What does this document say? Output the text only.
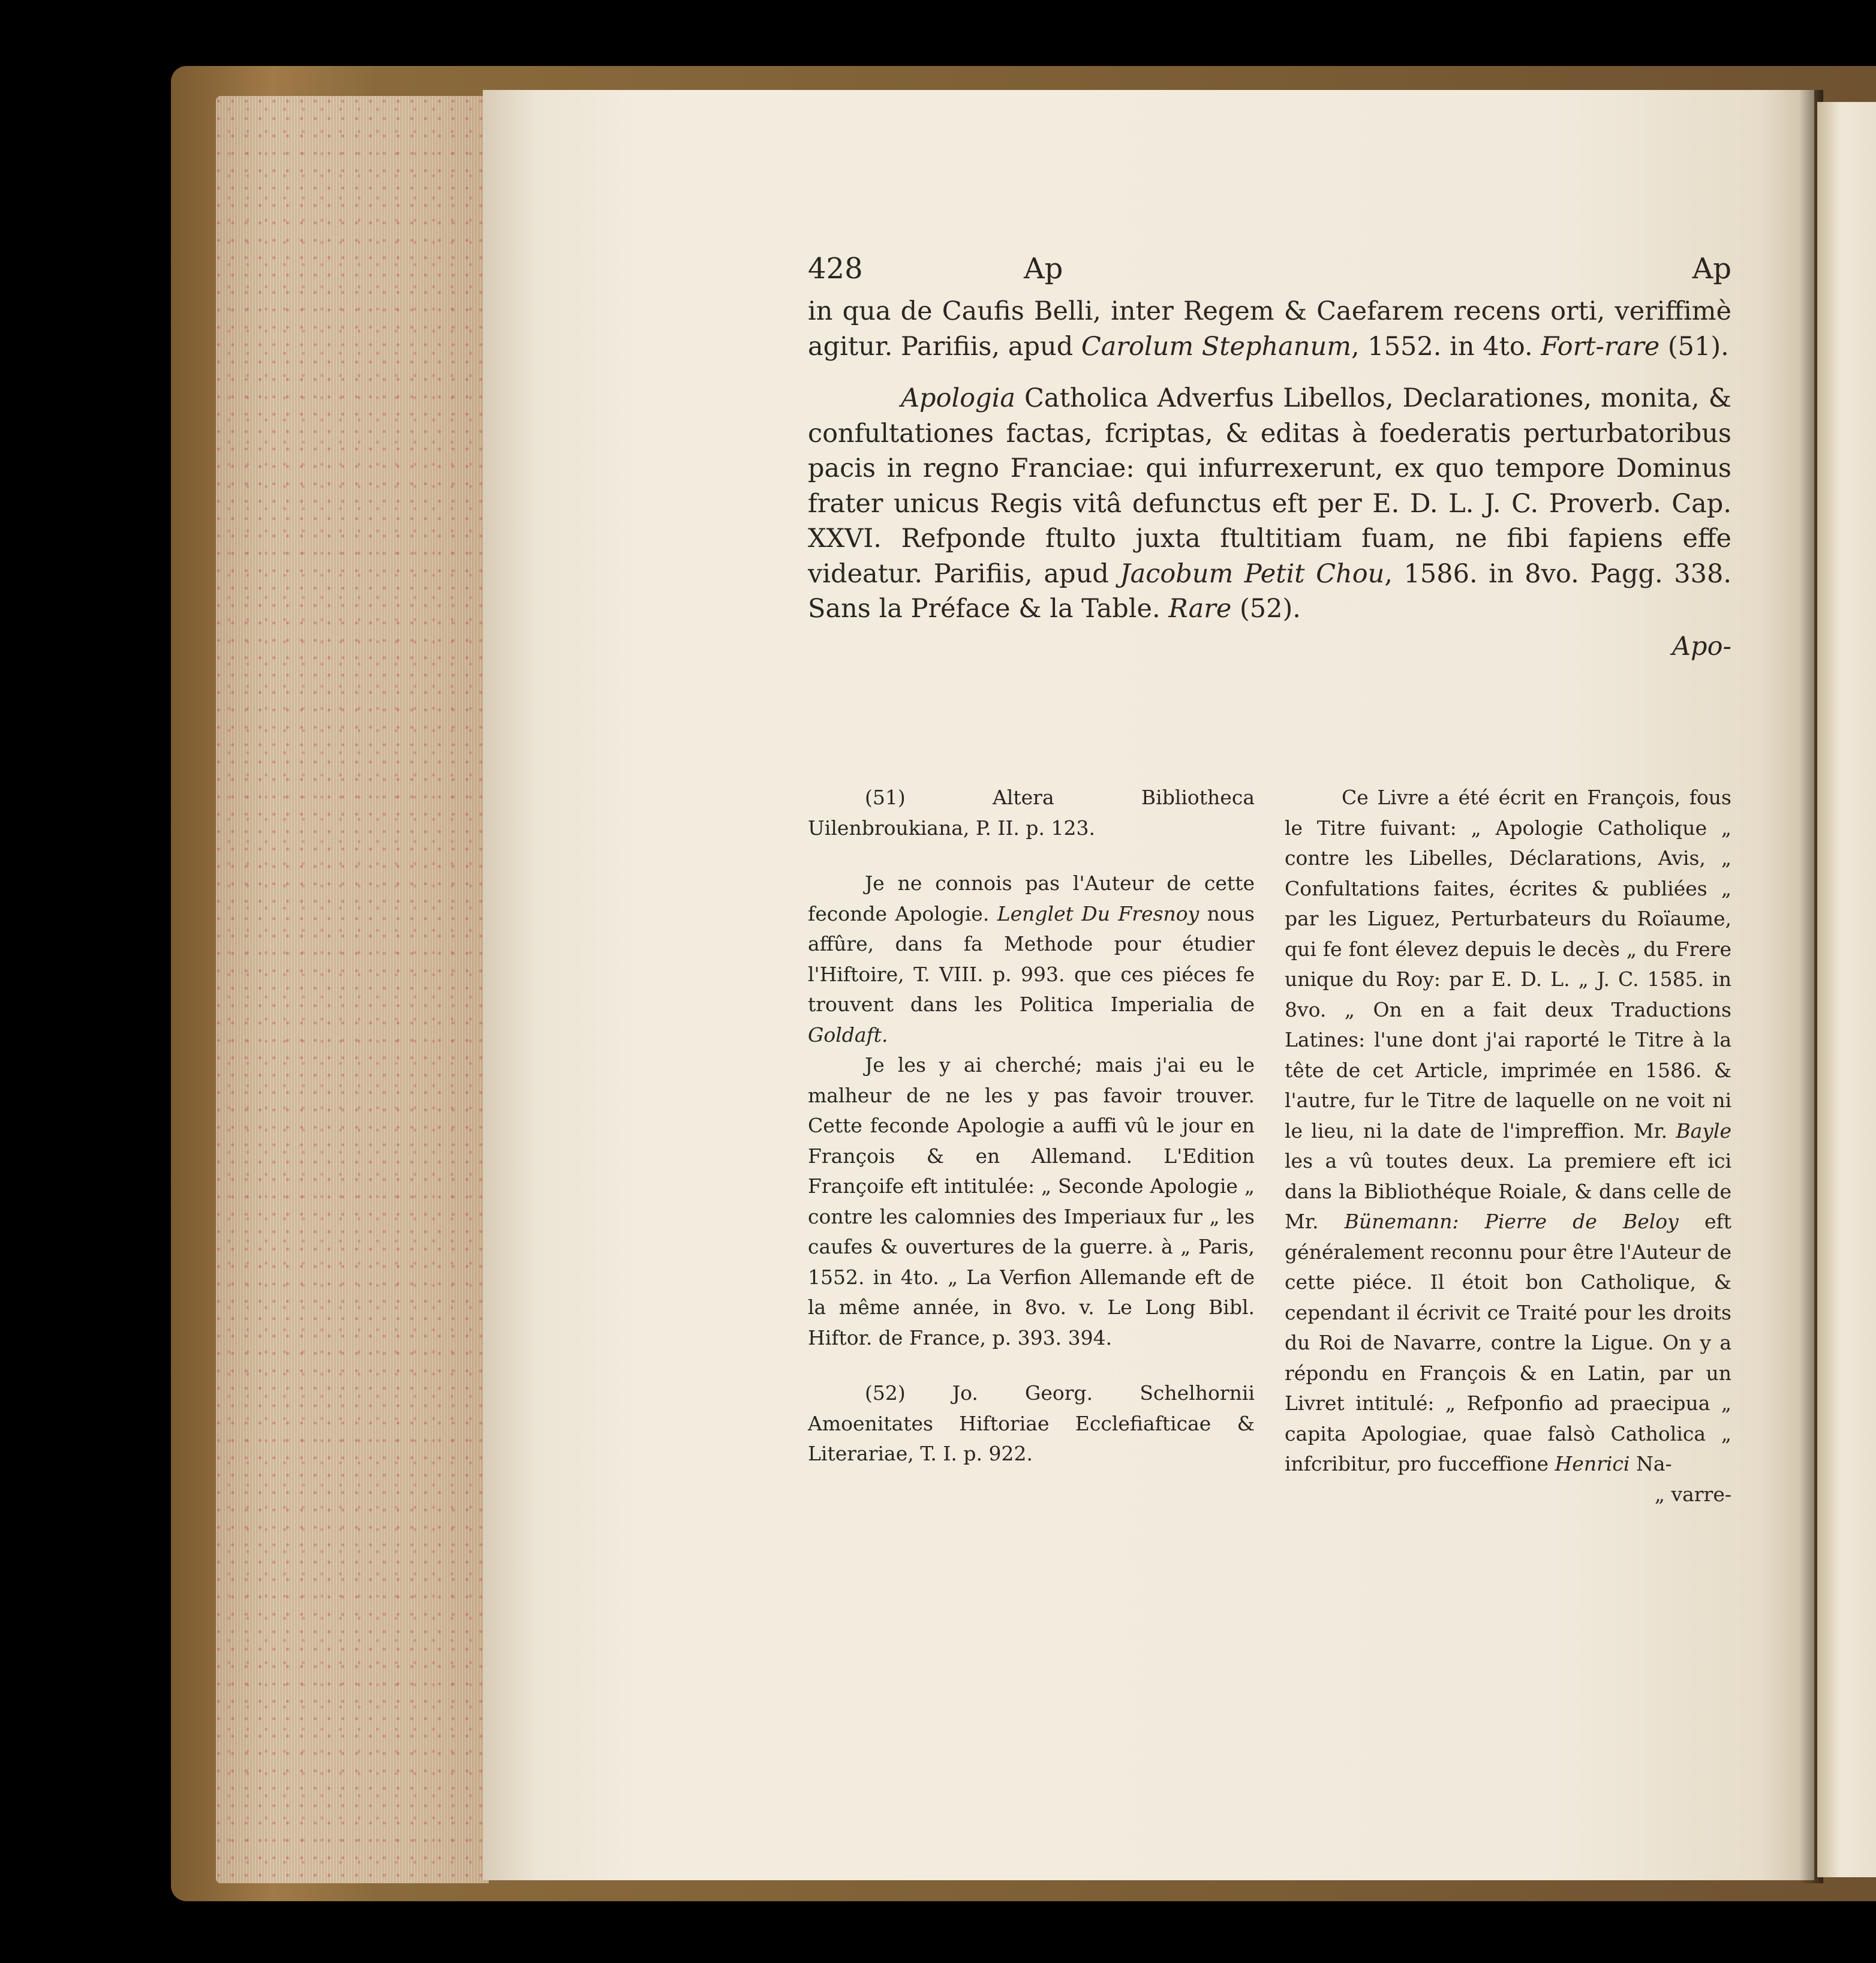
428	Ap	Ap

in qua de Caufis Belli, inter Regem & Caefarem recens orti, veriffimè agitur. Parifiis, apud Carolum Stephanum, 1552. in 4to. Fort-rare (51).

Apologia Catholica Adverfus Libellos, Declarationes, monita, & confultationes factas, fcriptas, & editas à foederatis perturbatoribus pacis in regno Franciae: qui infurrexerunt, ex quo tempore Dominus frater unicus Regis vitâ defunctus eft per E. D. L. J. C. Proverb. Cap. XXVI. Refponde ftulto juxta ftultitiam fuam, ne fibi fapiens effe videatur. Parifiis, apud Jacobum Petit Chou, 1586. in 8vo. Pagg. 338. Sans la Préface & la Table. Rare (52).

Apo-

(51) Altera Bibliotheca Uilenbroukiana, P. II. p. 123.

Je ne connois pas l'Auteur de cette feconde Apologie. Lenglet Du Fresnoy nous affûre, dans fa Methode pour étudier l'Hiftoire, T. VIII. p. 993. que ces piéces fe trouvent dans les Politica Imperialia de Goldaft.

Je les y ai cherché; mais j'ai eu le malheur de ne les y pas favoir trouver. Cette feconde Apologie a auffi vû le jour en François & en Allemand. L'Edition Françoife eft intitulée: „ Seconde Apologie „ contre les calomnies des Imperiaux fur „ les caufes & ouvertures de la guerre. à „ Paris, 1552. in 4to. „ La Verfion Allemande eft de la même année, in 8vo. v. Le Long Bibl. Hiftor. de France, p. 393. 394.

(52) Jo. Georg. Schelhornii Amoenitates Hiftoriae Ecclefiafticae & Literariae, T. I. p. 922.

Ce Livre a été écrit en François, fous le Titre fuivant: „ Apologie Catholique „ contre les Libelles, Déclarations, Avis, „ Confultations faites, écrites & publiées „ par les Liguez, Perturbateurs du Roïaume, qui fe font élevez depuis le decès „ du Frere unique du Roy: par E. D. L. „ J. C. 1585. in 8vo. „ On en a fait deux Traductions Latines: l'une dont j'ai raporté le Titre à la tête de cet Article, imprimée en 1586. & l'autre, fur le Titre de laquelle on ne voit ni le lieu, ni la date de l'impreffion. Mr. Bayle les a vû toutes deux. La premiere eft ici dans la Bibliothéque Roiale, & dans celle de Mr. Bünemann: Pierre de Beloy eft généralement reconnu pour être l'Auteur de cette piéce. Il étoit bon Catholique, & cependant il écrivit ce Traité pour les droits du Roi de Navarre, contre la Ligue. On y a répondu en François & en Latin, par un Livret intitulé: „ Refponfio ad praecipua „ capita Apologiae, quae falsò Catholica „ infcribitur, pro fucceffione Henrici Na-

„ varre-
